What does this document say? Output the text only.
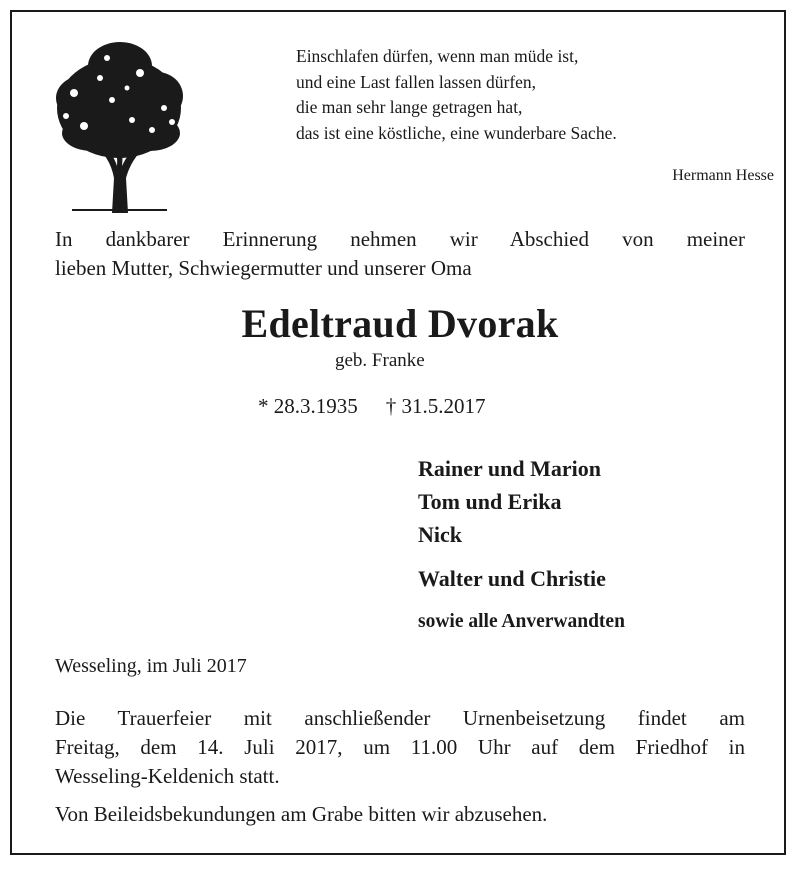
Einschlafen dürfen, wenn man müde ist,
und eine Last fallen lassen dürfen,
die man sehr lange getragen hat,
das ist eine köstliche, eine wunderbare Sache.
Hermann Hesse
In dankbarer Erinnerung nehmen wir Abschied von meiner
lieben Mutter, Schwiegermutter und unserer Oma
Edeltraud Dvorak
geb. Franke
* 28.3.1935 † 31.5.2017
Rainer und Marion
Tom und Erika
Nick
Walter und Christie
sowie alle Anverwandten
Wesseling, im Juli 2017
Die Trauerfeier mit anschließender Urnenbeisetzung findet am
Freitag, dem 14. Juli 2017, um 11.00 Uhr auf dem Friedhof in
Wesseling-Keldenich statt.
Von Beileidsbekundungen am Grabe bitten wir abzusehen.
